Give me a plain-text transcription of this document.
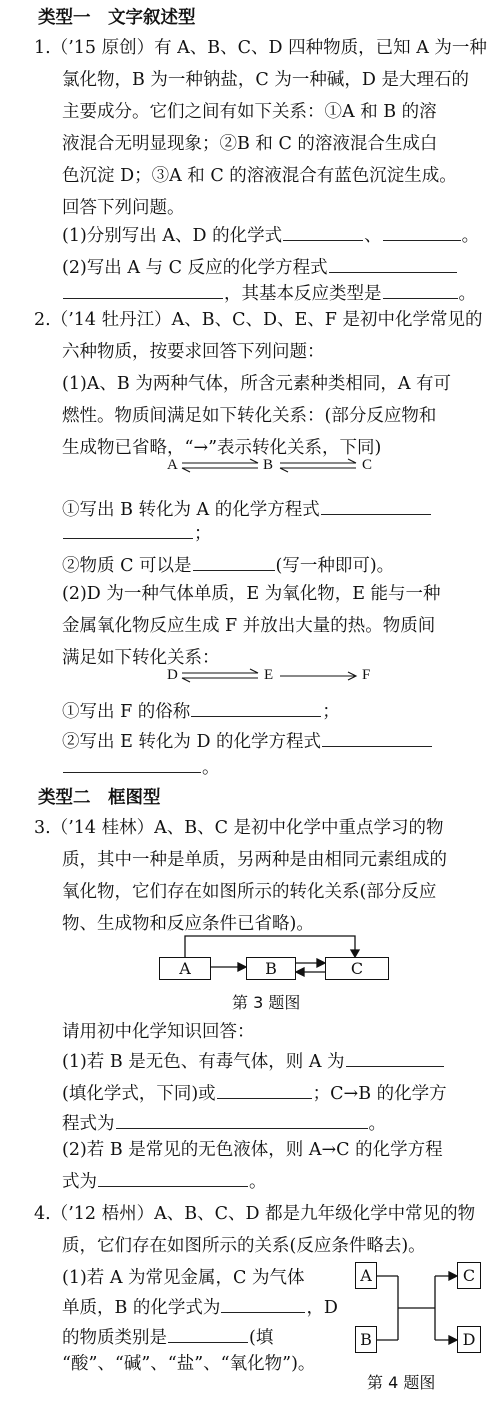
类型一　文字叙述型
1.（’15 原创）有 A、B、C、D 四种物质，已知 A 为一种
氯化物，B 为一种钠盐，C 为一种碱，D 是大理石的
主要成分。它们之间有如下关系：①A 和 B 的溶
液混合无明显现象；②B 和 C 的溶液混合生成白
色沉淀 D；③A 和 C 的溶液混合有蓝色沉淀生成。
回答下列问题。
(1)分别写出 A、D 的化学式	、	。
(2)写出 A 与 C 反应的化学方程式
，其基本反应类型是	。
2.（’14 牡丹江）A、B、C、D、E、F 是初中化学常见的
六种物质，按要求回答下列问题：
(1)A、B 为两种气体，所含元素种类相同，A 有可
燃性。物质间满足如下转化关系：(部分反应物和
生成物已省略，“→”表示转化关系，下同)
A	B	C
①写出 B 转化为 A 的化学方程式
；
②物质 C 可以是	(写一种即可)。
(2)D 为一种气体单质，E 为氧化物，E 能与一种
金属氧化物反应生成 F 并放出大量的热。物质间
满足如下转化关系：
D	E	F
①写出 F 的俗称	；
②写出 E 转化为 D 的化学方程式
。
类型二　框图型
3.（’14 桂林）A、B、C 是初中化学中重点学习的物
质，其中一种是单质，另两种是由相同元素组成的
氧化物，它们存在如图所示的转化关系(部分反应
物、生成物和反应条件已省略)。
A	B	C
第 3 题图
请用初中化学知识回答：
(1)若 B 是无色、有毒气体，则 A 为
(填化学式，下同)或	；C→B 的化学方
程式为	。
(2)若 B 是常见的无色液体，则 A→C 的化学方程
式为	。
4.（’12 梧州）A、B、C、D 都是九年级化学中常见的物
质，它们存在如图所示的关系(反应条件略去)。
(1)若 A 为常见金属，C 为气体
单质，B 的化学式为	，D
的物质类别是	(填
“酸”、“碱”、“盐”、“氧化物”)。
A
B
C
D
第 4 题图
